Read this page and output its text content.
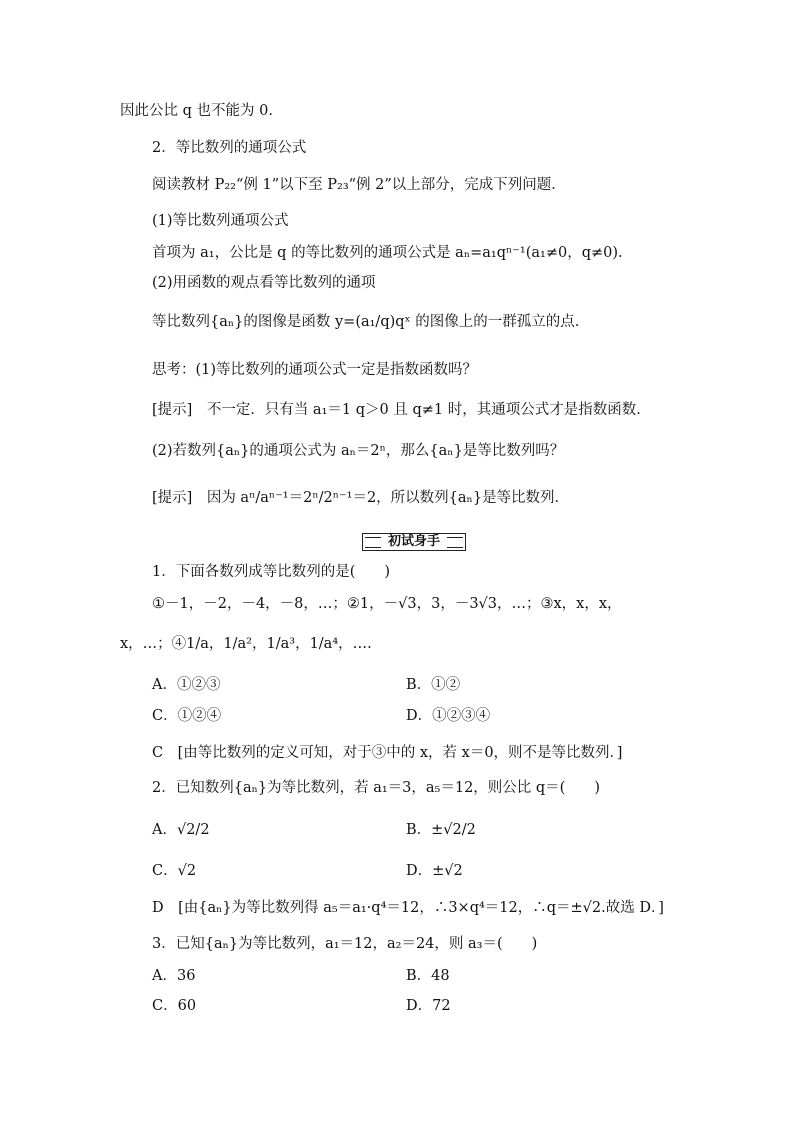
因此公比 q 也不能为 0.
2．等比数列的通项公式
阅读教材 P₂₂“例 1”以下至 P₂₃“例 2”以上部分，完成下列问题．
(1)等比数列通项公式
首项为 a₁，公比是 q 的等比数列的通项公式是 aₙ=a₁qⁿ⁻¹(a₁≠0，q≠0).
(2)用函数的观点看等比数列的通项
等比数列{aₙ}的图像是函数 y=(a₁/q)qˣ 的图像上的一群孤立的点.
思考：(1)等比数列的通项公式一定是指数函数吗？
[提示]　不一定．只有当 a₁＝1 q＞0 且 q≠1 时，其通项公式才是指数函数．
(2)若数列{aₙ}的通项公式为 aₙ＝2ⁿ，那么{aₙ}是等比数列吗？
[提示]　因为 aⁿ/aⁿ⁻¹＝2ⁿ/2ⁿ⁻¹＝2，所以数列{aₙ}是等比数列．
初试身手
1．下面各数列成等比数列的是(　　)
①－1，－2，－4，－8，…；②1，－√3，3，－3√3，…；③x，x，x，
x，…；④1/a，1/a²，1/a³，1/a⁴，….
A．①②③	B．①②
C．①②④	D．①②③④
C　[由等比数列的定义可知，对于③中的 x，若 x＝0，则不是等比数列．]
2．已知数列{aₙ}为等比数列，若 a₁＝3，a₅＝12，则公比 q＝(　　)
A．√2/2	B．±√2/2
C．√2	D．±√2
D　[由{aₙ}为等比数列得 a₅＝a₁·q⁴＝12，∴3×q⁴＝12，∴q＝±√2.故选 D．]
3．已知{aₙ}为等比数列，a₁＝12，a₂＝24，则 a₃＝(　　)
A．36	B．48
C．60	D．72
